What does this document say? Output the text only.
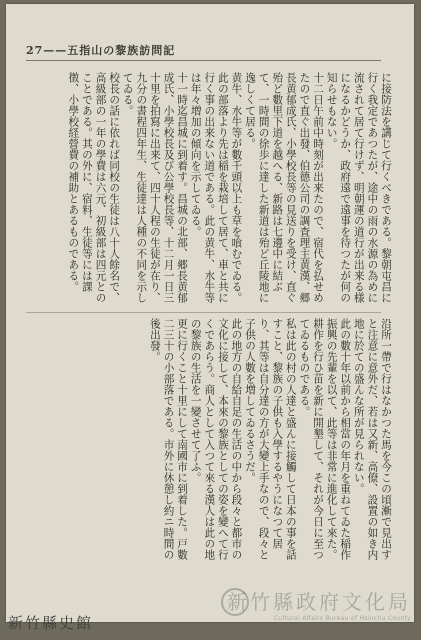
27——五指山の黎族訪問記

に接防法を講じて行くべきである。黎朝屯昌に行く我定であつたが、途中の雨の水源の為めに流されて居て行けず、明朝運の道行が出来る様になるかどうか、政府遠で遠事を待つたが何の知らせもない。

十二日午前中時刻が出来たので、宿代を払せめたので直ぐ出發、伯德公司の調査理主黄漢、郷長黄郁成氏、小學校長等の見送りを受け、直ぐ殆ど數里下道を越へる、新路は七邊中に結ぶて、一時間の徐歩に達した新道は殆ど丘陵地に逸しくて居る。

黄牛、水牛等が數千頭以上も草を喰むでゐる。此の部落より先は稲を栽培して居て、車と共に行く事の出来ない道である。此の黄牛、水牛等は年々増加の傾向を示してゐる。

十一時迄昌城に到着す。昌城の北部、郷長黄郁成氏、小學校長及び公學校長等、十二月一日三十里を拍寫に出来て、四十人程の生徒が在り、九分の書程四年生、生徒達は人種の不同を示してゐる。

校長の話に依れば同校の生徒は八十人餘名で、高級部の一年の學費は六元、初級部は四元とのことである。其の外に、宿料、生徒等には課徴、小學校経營費の補助とあるものである。

沿所一帶で行はなかつた馬を今この頃漸で見出すと注意に意外だ、若は又新、高僚、設置の如き内地に於ての盛んな所が見られない。

此の數十年以前から相當の年月を重ねてゐた稲作振興の先輩を以て、此等は非常に進化して來た。耕作を行ひ苗を新に開墾して、それが今日に至つてゐるものである。

私は此の村の人達と盛んに接觸して日本の事を話すこと、黎族の子供も入學するやうになつて居り、其等は自分達の方が大變上手なので、段々と子供の人數を増してゐるさうだ。

此の地方の自給自足の生活の中から段々と都市の文化に接して、本來の黎族としての姿を變へて行くであらう。商人として入つて來る漢人は此の地の黎族の生活を一變させて了ふ。

更に行くこと十里にして南國市に到着した。戸數二三十の小部落である。市外に休憩し約ニ時間の後出發。

新竹縣史館
新竹縣政府文化局
Cultural Affairs Bureau of Hsinchu County
